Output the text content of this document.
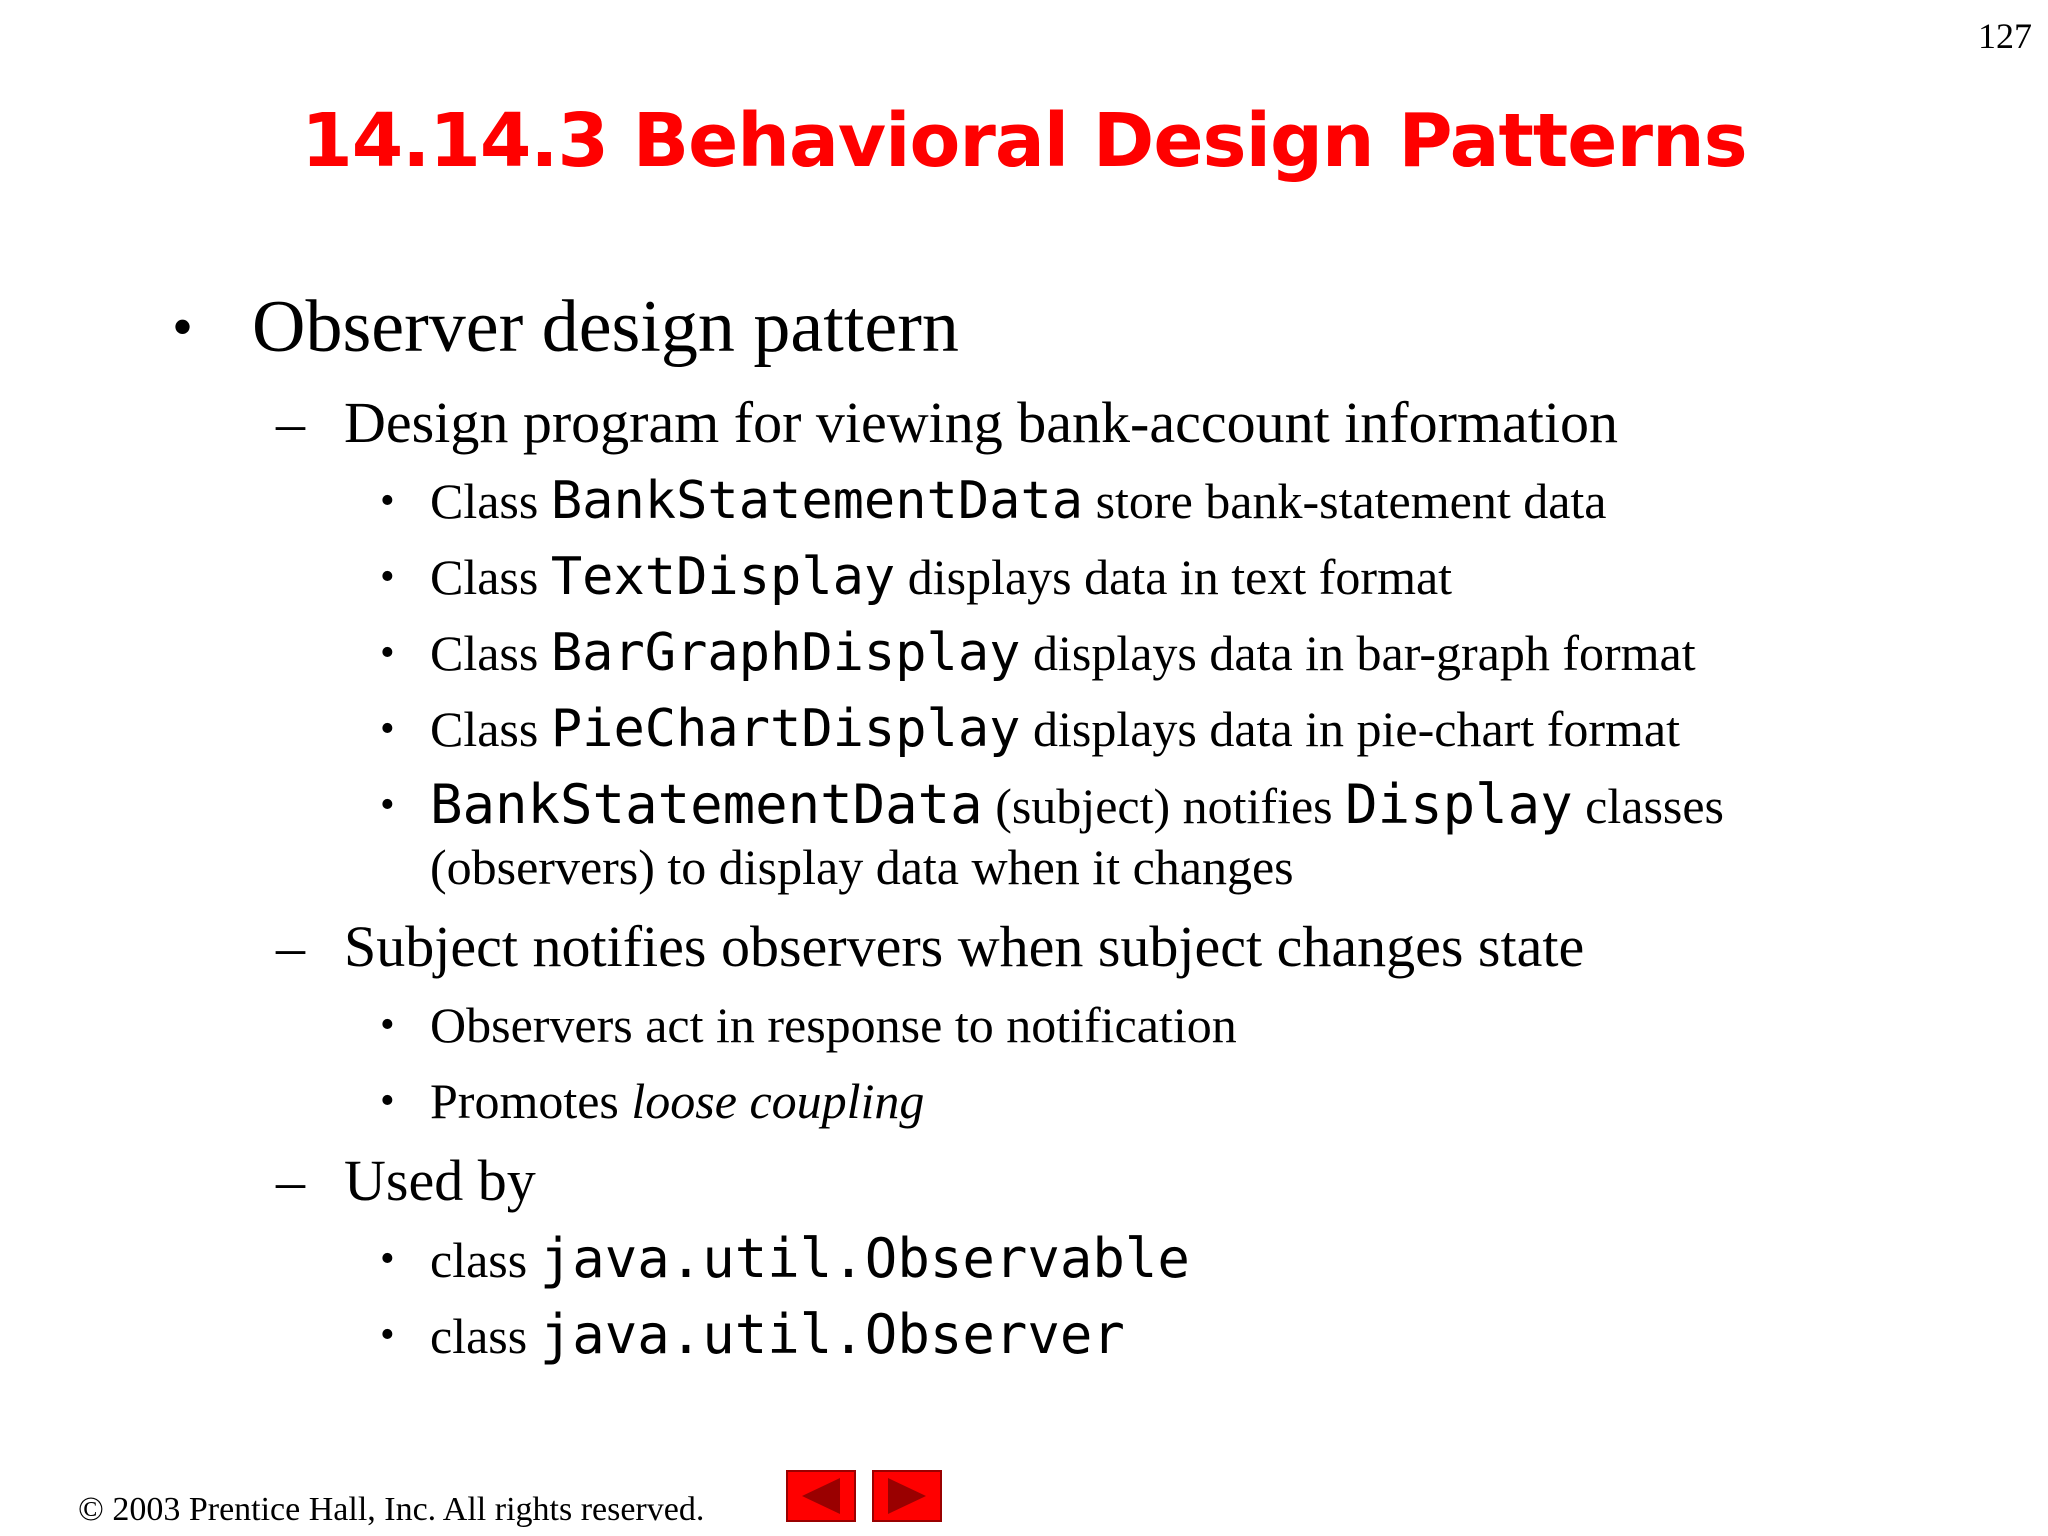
127
14.14.3 Behavioral Design Patterns
• Observer design pattern
– Design program for viewing bank-account information
• Class BankStatementData store bank-statement data
• Class TextDisplay displays data in text format
• Class BarGraphDisplay displays data in bar-graph format
• Class PieChartDisplay displays data in pie-chart format
• BankStatementData (subject) notifies Display classes
(observers) to display data when it changes
– Subject notifies observers when subject changes state
• Observers act in response to notification
• Promotes loose coupling
– Used by
• class java.util.Observable
• class java.util.Observer
© 2003 Prentice Hall, Inc. All rights reserved.
